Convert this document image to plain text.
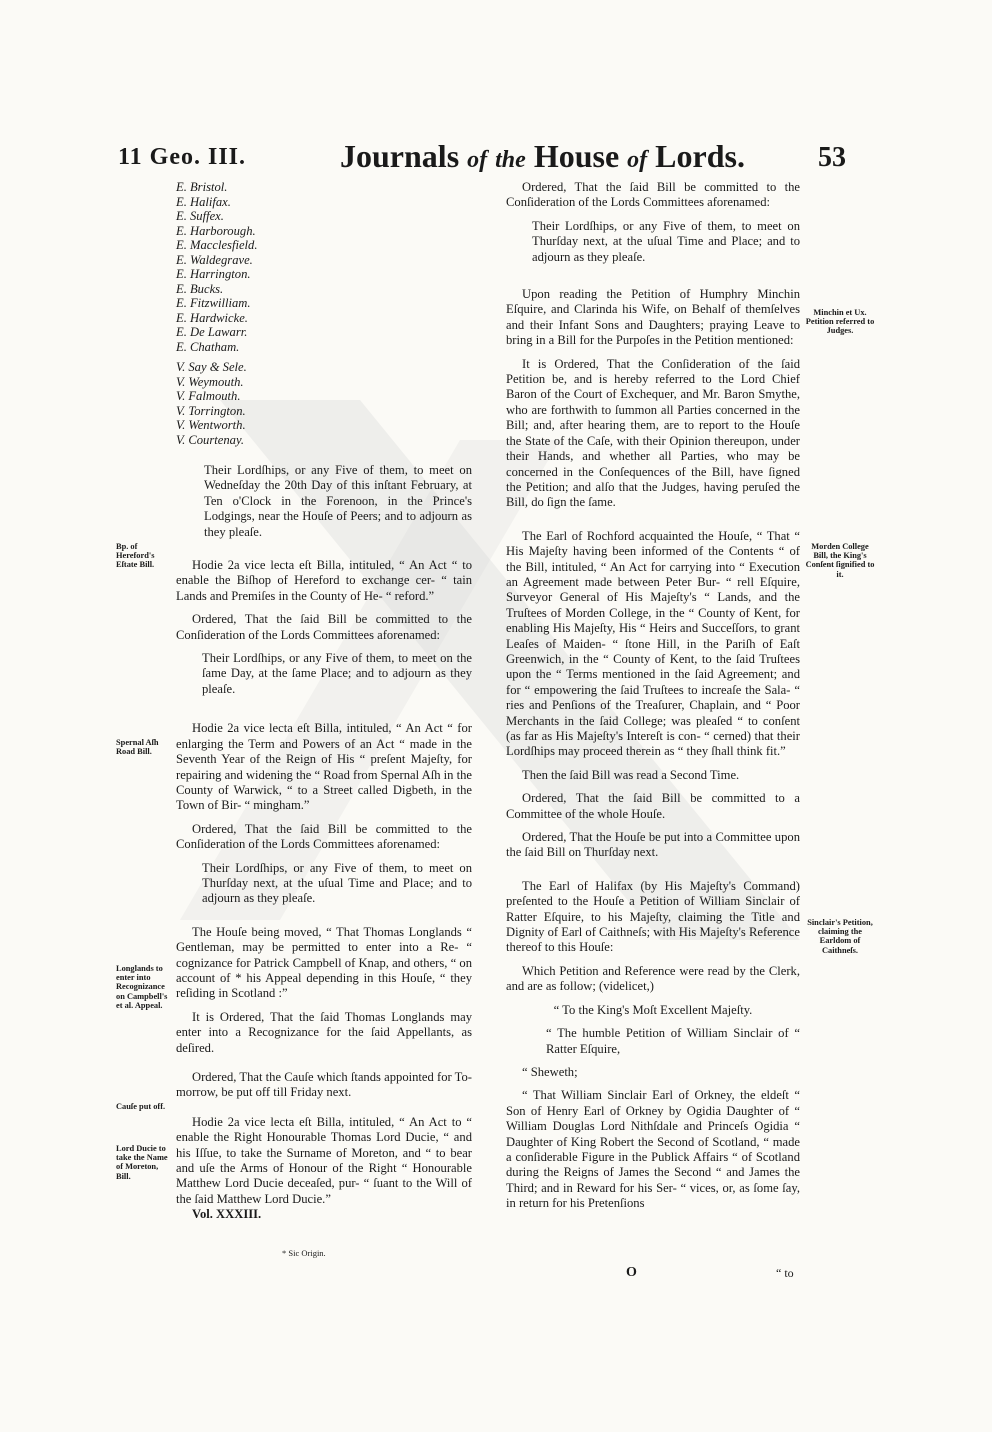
11 Geo. III.	Journals of the House of Lords.	53
E. Bristol.
E. Halifax.
E. Suffex.
E. Harborough.
E. Macclesfield.
E. Waldegrave.
E. Harrington.
E. Bucks.
E. Fitzwilliam.
E. Hardwicke.
E. De Lawarr.
E. Chatham.
V. Say & Sele.
V. Weymouth.
V. Falmouth.
V. Torrington.
V. Wentworth.
V. Courtenay.

Their Lordſhips, or any Five of them, to meet on Wedneſday the 20th Day of this inſtant February, at Ten o'Clock in the Forenoon, in the Prince's Lodgings, near the Houſe of Peers; and to adjourn as they pleaſe.

Hodie 2a vice lecta eſt Billa, intituled, “ An Act “ to enable the Biſhop of Hereford to exchange cer- “ tain Lands and Premiſes in the County of He- “ reford.”

Ordered, That the ſaid Bill be committed to the Conſideration of the Lords Committees aforenamed:

Their Lordſhips, or any Five of them, to meet on the ſame Day, at the ſame Place; and to adjourn as they pleaſe.

Hodie 2a vice lecta eſt Billa, intituled, “ An Act “ for enlarging the Term and Powers of an Act “ made in the Seventh Year of the Reign of His “ preſent Majeſty, for repairing and widening the “ Road from Spernal Aſh in the County of Warwick, “ to a Street called Digbeth, in the Town of Bir- “ mingham.”

Ordered, That the ſaid Bill be committed to the Conſideration of the Lords Committees aforenamed:

Their Lordſhips, or any Five of them, to meet on Thurſday next, at the uſual Time and Place; and to adjourn as they pleaſe.

The Houſe being moved, “ That Thomas Longlands “ Gentleman, may be permitted to enter into a Re- “ cognizance for Patrick Campbell of Knap, and others, “ on account of * his Appeal depending in this Houſe, “ they reſiding in Scotland :”

It is Ordered, That the ſaid Thomas Longlands may enter into a Recognizance for the ſaid Appellants, as deſired.

Ordered, That the Cauſe which ſtands appointed for To-morrow, be put off till Friday next.

Hodie 2a vice lecta eſt Billa, intituled, “ An Act to “ enable the Right Honourable Thomas Lord Ducie, “ and his Iſſue, to take the Surname of Moreton, and “ to bear and uſe the Arms of Honour of the Right “ Honourable Matthew Lord Ducie deceaſed, pur- “ ſuant to the Will of the ſaid Matthew Lord Ducie.”

Vol. XXXIII.
* Sic Origin.
Bp. of Hereford's Eſtate Bill.
Spernal Aſh Road Bill.
Longlands to enter into Recognizance on Campbell's et al. Appeal.
Cauſe put off.
Lord Ducie to take the Name of Moreton, Bill.

Ordered, That the ſaid Bill be committed to the Conſideration of the Lords Committees aforenamed:

Their Lordſhips, or any Five of them, to meet on Thurſday next, at the uſual Time and Place; and to adjourn as they pleaſe.

Upon reading the Petition of Humphry Minchin Eſquire, and Clarinda his Wife, on Behalf of themſelves and their Infant Sons and Daughters; praying Leave to bring in a Bill for the Purpoſes in the Petition mentioned:

It is Ordered, That the Conſideration of the ſaid Petition be, and is hereby referred to the Lord Chief Baron of the Court of Exchequer, and Mr. Baron Smythe, who are forthwith to ſummon all Parties concerned in the Bill; and, after hearing them, are to report to the Houſe the State of the Caſe, with their Opinion thereupon, under their Hands, and whether all Parties, who may be concerned in the Conſequences of the Bill, have ſigned the Petition; and alſo that the Judges, having peruſed the Bill, do ſign the ſame.

The Earl of Rochford acquainted the Houſe, “ That “ His Majeſty having been informed of the Contents “ of the Bill, intituled, “ An Act for carrying into “ Execution an Agreement made between Peter Bur- “ rell Eſquire, Surveyor General of His Majeſty's “ Lands, and the Truſtees of Morden College, in the “ County of Kent, for enabling His Majeſty, His “ Heirs and Succeſſors, to grant Leaſes of Maiden- “ ſtone Hill, in the Pariſh of Eaſt Greenwich, in the “ County of Kent, to the ſaid Truſtees upon the “ Terms mentioned in the ſaid Agreement; and for “ empowering the ſaid Truſtees to increaſe the Sala- “ ries and Penſions of the Treaſurer, Chaplain, and “ Poor Merchants in the ſaid College; was pleaſed “ to conſent (as far as His Majeſty's Intereſt is con- “ cerned) that their Lordſhips may proceed therein as “ they ſhall think fit.”

Then the ſaid Bill was read a Second Time.

Ordered, That the ſaid Bill be committed to a Committee of the whole Houſe.

Ordered, That the Houſe be put into a Committee upon the ſaid Bill on Thurſday next.

The Earl of Halifax (by His Majeſty's Command) preſented to the Houſe a Petition of William Sinclair of Ratter Eſquire, to his Majeſty, claiming the Title and Dignity of Earl of Caithneſs; with His Majeſty's Reference thereof to this Houſe:

Which Petition and Reference were read by the Clerk, and are as follow; (videlicet,)

“ To the King's Moſt Excellent Majeſty.

“ The humble Petition of William Sinclair of “ Ratter Eſquire,

“ Sheweth;

“ That William Sinclair Earl of Orkney, the eldeſt “ Son of Henry Earl of Orkney by Ogidia Daughter of “ William Douglas Lord Nithſdale and Princeſs Ogidia “ Daughter of King Robert the Second of Scotland, “ made a conſiderable Figure in the Publick Affairs “ of Scotland during the Reigns of James the Second “ and James the Third; and in Reward for his Ser- “ vices, or, as ſome ſay, in return for his Pretenſions

O	“ to
Minchin et Ux. Petition referred to Judges.
Morden College Bill, the King's Conſent ſignified to it.
Sinclair's Petition, claiming the Earldom of Caithneſs.
